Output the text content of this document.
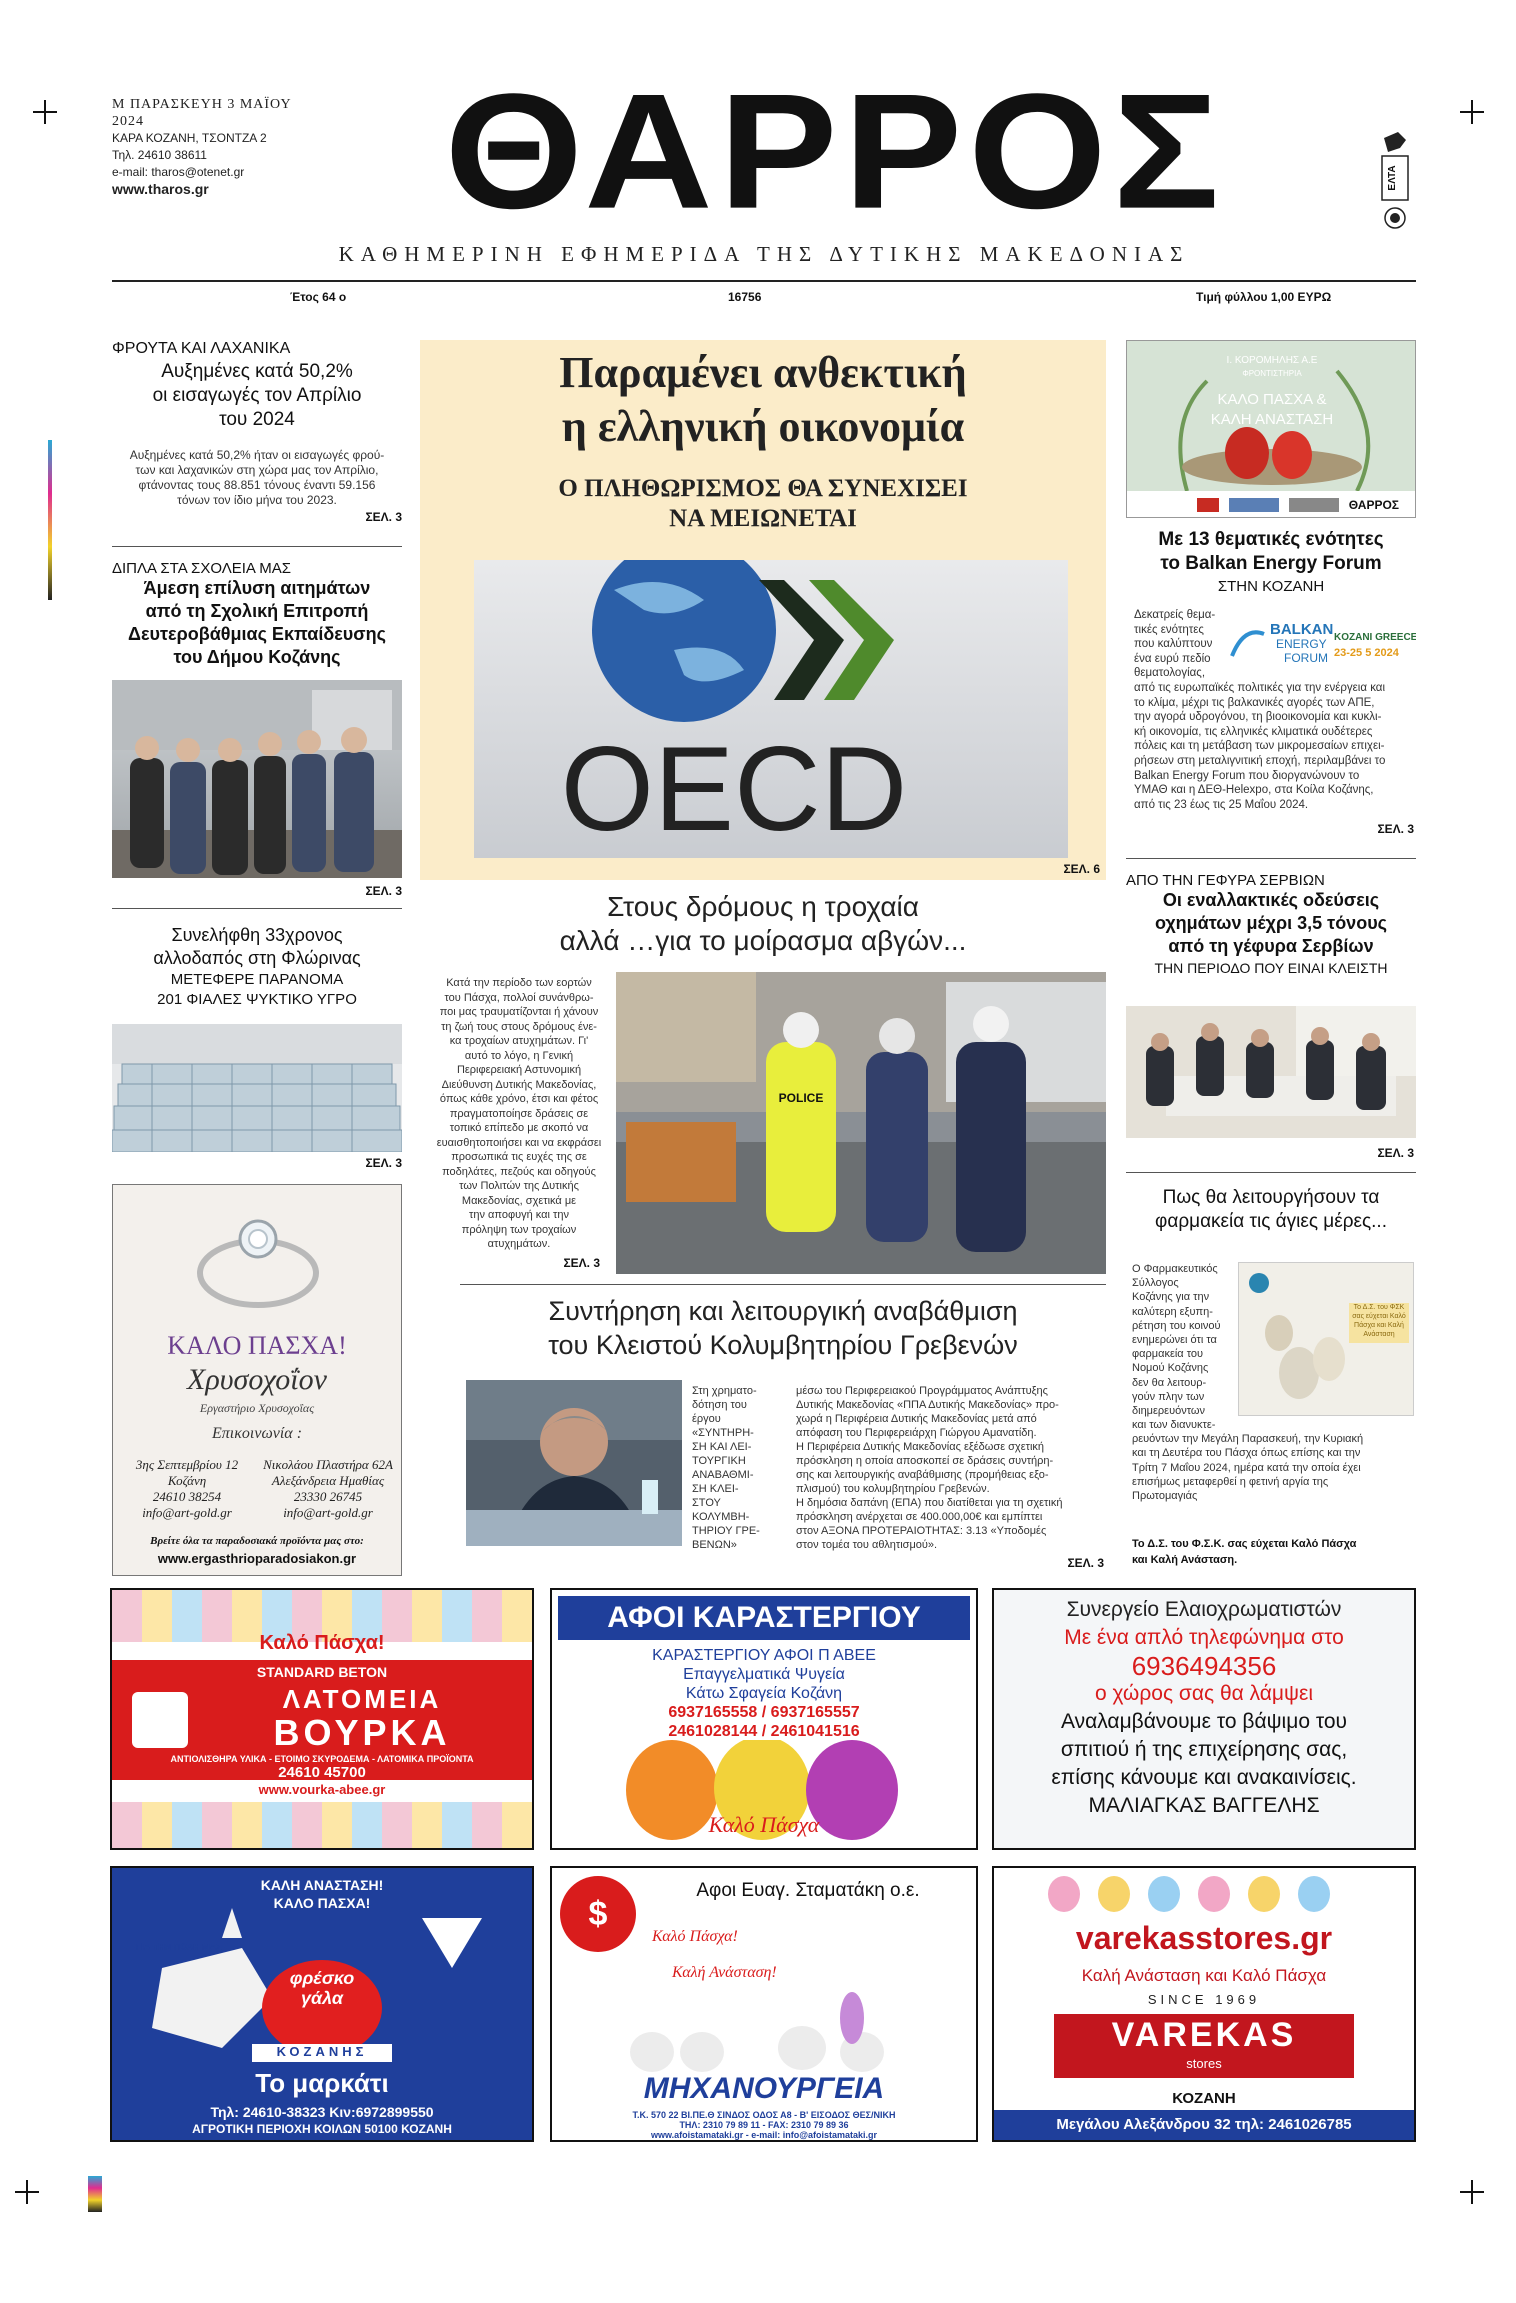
Μ ΠΑΡΑΣΚΕΥΗ 3 ΜΑΪΟΥ 2024
ΚΑΡΑ ΚΟΖΑΝΗ, ΤΣΟΝΤΖΑ 2
Τηλ. 24610 38611
e-mail: tharos@otenet.gr
www.tharos.gr	ΘΑΡΡΟΣ	ΕΛΤΑ
ΚΑΘΗΜΕΡΙΝΗ ΕΦΗΜΕΡΙΔΑ ΤΗΣ ΔΥΤΙΚΗΣ ΜΑΚΕΔΟΝΙΑΣ
Έτος 64 ο	16756	Τιμή φύλλου 1,00 ΕΥΡΩ
ΦΡΟΥΤΑ ΚΑΙ ΛΑΧΑΝΙΚΑ
Αυξημένες κατά 50,2%
οι εισαγωγές τον Απρίλιο
του 2024
Αυξημένες κατά 50,2% ήταν οι εισαγωγές φρού-
των και λαχανικών στη χώρα μας τον Απρίλιο,
φτάνοντας τους 88.851 τόνους έναντι 59.156
τόνων τον ίδιο μήνα του 2023.
ΣΕΛ. 3
ΔΙΠΛΑ ΣΤΑ ΣΧΟΛΕΙΑ ΜΑΣ
Άμεση επίλυση αιτημάτων
από τη Σχολική Επιτροπή
Δευτεροβάθμιας Εκπαίδευσης
του Δήμου Κοζάνης
ΣΕΛ. 3
Συνελήφθη 33χρονος
αλλοδαπός στη Φλώρινας
ΜΕΤΕΦΕΡΕ ΠΑΡΑΝΟΜΑ
201 ΦΙΑΛΕΣ ΨΥΚΤΙΚΟ ΥΓΡΟ
ΣΕΛ. 3
ΚΑΛΟ ΠΑΣΧΑ!
Χρυσοχοΐον
Εργαστήριο Χρυσοχοΐας
Επικοινωνία :
3ης Σεπτεμβρίου 12
Κοζάνη
24610 38254
info@art-gold.gr
Νικολάου Πλαστήρα 62Α
Αλεξάνδρεια Ημαθίας
23330 26745
info@art-gold.gr
Βρείτε όλα τα παραδοσιακά προϊόντα μας στο:
www.ergasthrioparadosiakon.gr
Παραμένει ανθεκτική
η ελληνική οικονομία
Ο ΠΛΗΘΩΡΙΣΜΟΣ ΘΑ ΣΥΝΕΧΙΣΕΙ
ΝΑ ΜΕΙΩΝΕΤΑΙ
OECD
ΣΕΛ. 6
Στους δρόμους η τροχαία
αλλά …για το μοίρασμα αβγών...
Κατά την περίοδο των εορτών
του Πάσχα, πολλοί συνάνθρω-
ποι μας τραυματίζονται ή χάνουν
τη ζωή τους στους δρόμους ένε-
κα τροχαίων ατυχημάτων. Γι'
αυτό το λόγο, η Γενική
Περιφερειακή Αστυνομική
Διεύθυνση Δυτικής Μακεδονίας,
όπως κάθε χρόνο, έτσι και φέτος
πραγματοποίησε δράσεις σε
τοπικό επίπεδο με σκοπό να
ευαισθητοποιήσει και να εκφράσει
προσωπικά τις ευχές της σε
ποδηλάτες, πεζούς και οδηγούς
των Πολιτών της Δυτικής
Μακεδονίας, σχετικά με
την αποφυγή και την
πρόληψη των τροχαίων
ατυχημάτων.
POLICE
ΣΕΛ. 3
Συντήρηση και λειτουργική αναβάθμιση
του Κλειστού Κολυμβητηρίου Γρεβενών
Στη χρηματο-
δότηση του
έργου
«ΣΥΝΤΗΡΗ-
ΣΗ ΚΑΙ ΛΕΙ-
ΤΟΥΡΓΙΚΗ
ΑΝΑΒΑΘΜΙ-
ΣΗ ΚΛΕΙ-
ΣΤΟΥ
ΚΟΛΥΜΒΗ-
ΤΗΡΙΟΥ ΓΡΕ-
ΒΕΝΩΝ»
μέσω του Περιφερειακού Προγράμματος Ανάπτυξης
Δυτικής Μακεδονίας «ΠΠΑ Δυτικής Μακεδονίας» προ-
χωρά η Περιφέρεια Δυτικής Μακεδονίας μετά από
απόφαση του Περιφερειάρχη Γιώργου Αμανατίδη.
Η Περιφέρεια Δυτικής Μακεδονίας εξέδωσε σχετική
πρόσκληση η οποία αποσκοπεί σε δράσεις συντήρη-
σης και λειτουργικής αναβάθμισης (προμήθειας εξο-
πλισμού) του κολυμβητηρίου Γρεβενών.
Η δημόσια δαπάνη (ΕΠΑ) που διατίθεται για τη σχετική
πρόσκληση ανέρχεται σε 400.000,00€ και εμπίπτει
στον ΑΞΟΝΑ ΠΡΟΤΕΡΑΙΟΤΗΤΑΣ: 3.13 «Υποδομές
στον τομέα του αθλητισμού».
ΣΕΛ. 3
Ι. ΚΟΡΟΜΗΛΗΣ Α.Ε
ΦΡΟΝΤΙΣΤΗΡΙΑ
ΚΑΛΟ ΠΑΣΧΑ &
ΚΑΛΗ ΑΝΑΣΤΑΣΗ
ΘΑΡΡΟΣ
Με 13 θεματικές ενότητες
το Balkan Energy Forum
ΣΤΗΝ ΚΟΖΑΝΗ
BALKAN
ENERGY
FORUM
KOZANI GREECE
23-25 5 2024
Δεκατρείς θεμα-
τικές ενότητες
που καλύπτουν
ένα ευρύ πεδίο
θεματολογίας,
από τις ευρωπαϊκές πολιτικές για την ενέργεια και
το κλίμα, μέχρι τις βαλκανικές αγορές των ΑΠΕ,
την αγορά υδρογόνου, τη βιοοικονομία και κυκλι-
κή οικονομία, τις ελληνικές κλιματικά ουδέτερες
πόλεις και τη μετάβαση των μικρομεσαίων επιχει-
ρήσεων στη μεταλιγνιτική εποχή, περιλαμβάνει το
Balkan Energy Forum που διοργανώνουν το
ΥΜΑΘ και η ΔΕΘ-Helexpo, στα Κοίλα Κοζάνης,
από τις 23 έως τις 25 Μαΐου 2024.
ΣΕΛ. 3
ΑΠΟ ΤΗΝ ΓΕΦΥΡΑ ΣΕΡΒΙΩΝ
Οι εναλλακτικές οδεύσεις
οχημάτων μέχρι 3,5 τόνους
από τη γέφυρα Σερβίων
ΤΗΝ ΠΕΡΙΟΔΟ ΠΟΥ ΕΙΝΑΙ ΚΛΕΙΣΤΗ
ΣΕΛ. 3
Πως θα λειτουργήσουν τα
φαρμακεία τις άγιες μέρες...
Ο Φαρμακευτικός
Σύλλογος
Κοζάνης για την
καλύτερη εξυπη-
ρέτηση του κοινού
ενημερώνει ότι τα
φαρμακεία του
Νομού Κοζάνης
δεν θα λειτουρ-
γούν πλην των
διημερευόντων
Το Δ.Σ. του ΦΣΚ σας εύχεται Καλό Πάσχα και Καλή Ανάσταση
και των διανυκτε-
ρευόντων την Μεγάλη Παρασκευή, την Κυριακή
και τη Δευτέρα του Πάσχα όπως επίσης και την
Τρίτη 7 Μαΐου 2024, ημέρα κατά την οποία έχει
επισήμως μεταφερθεί η φετινή αργία της
Πρωτομαγιάς
Το Δ.Σ. του Φ.Σ.Κ. σας εύχεται Καλό Πάσχα
και Καλή Ανάσταση.
Καλό Πάσχα!
STANDARD BETON
ΛΑΤΟΜΕΙΑ
ΒΟΥΡΚΑ
ΑΝΤΙΟΛΙΣΘΗΡΑ ΥΛΙΚΑ - ΕΤΟΙΜΟ ΣΚΥΡΟΔΕΜΑ - ΛΑΤΟΜΙΚΑ ΠΡΟΪΟΝΤΑ
24610 45700
www.vourka-abee.gr
ΑΦΟΙ ΚΑΡΑΣΤΕΡΓΙΟΥ
ΚΑΡΑΣΤΕΡΓΙΟΥ ΑΦΟΙ Π ΑΒΕΕ
Επαγγελματικά Ψυγεία
Κάτω Σφαγεία Κοζάνη
6937165558 / 6937165557
2461028144 / 2461041516
Καλό Πάσχα
Συνεργείο Ελαιοχρωματιστών
Με ένα απλό τηλεφώνημα στο
6936494356
ο χώρος σας θα λάμψει
Αναλαμβάνουμε το βάψιμο του
σπιτιού ή της επιχείρησης σας,
επίσης κάνουμε και ανακαινίσεις.
ΜΑΛΙΑΓΚΑΣ ΒΑΓΓΕΛΗΣ
ΚΑΛΗ ΑΝΑΣΤΑΣΗ!
ΚΑΛΟ ΠΑΣΧΑ!
ΓΙΑ ΤΗΝ ΠΟΛΗ ΜΑΣ
φρέσκο
γάλα
ΚΟΖΑΝΗΣ
Το μαρκάτι
Τηλ: 24610-38323 Κιν:6972899550
ΑΓΡΟΤΙΚΗ ΠΕΡΙΟΧΗ ΚΟΙΛΩΝ 50100 ΚΟΖΑΝΗ
$
Αφοι Ευαγ. Σταματάκη ο.ε.
Καλό Πάσχα!
Καλή Ανάσταση!
ΜΗΧΑΝΟΥΡΓΕΙΑ
Τ.Κ. 570 22 ΒΙ.ΠΕ.Θ ΣΙΝΔΟΣ ΟΔΟΣ Α8 - Β' ΕΙΣΟΔΟΣ ΘΕΣ/ΝΙΚΗ
ΤΗΛ: 2310 79 89 11 - FAX: 2310 79 89 36
www.afoistamataki.gr - e-mail: info@afoistamataki.gr
varekasstores.gr
Καλή Ανάσταση και Καλό Πάσχα
SINCE 1969
VAREKAS
stores
ΚΟΖΑΝΗ
Μεγάλου Αλεξάνδρου 32 τηλ: 2461026785
